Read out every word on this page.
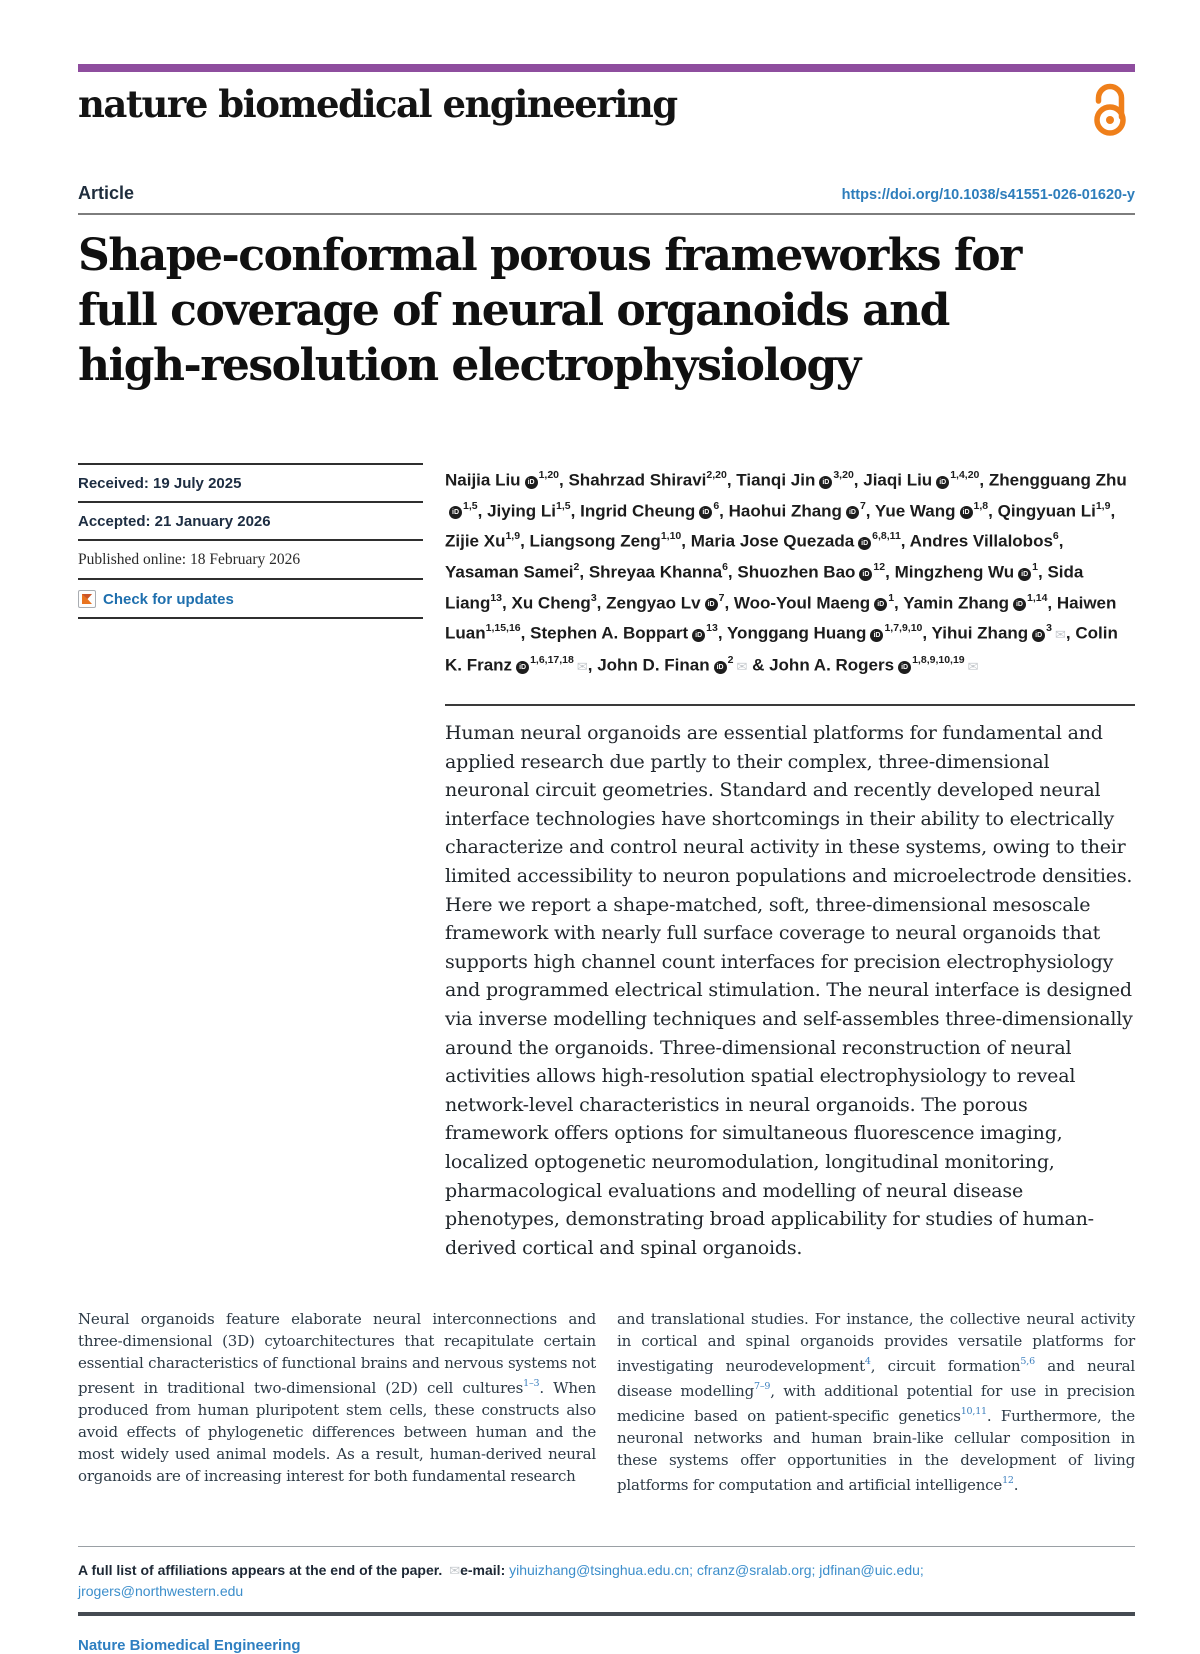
nature biomedical engineering
Article	https://doi.org/10.1038/s41551-026-01620-y
Shape-conformal porous frameworks for
full coverage of neural organoids and
high-resolution electrophysiology
Received: 19 July 2025
Accepted: 21 January 2026
Published online: 18 February 2026
Check for updates

Naijia Liu iD$^{1,20}$, Shahrzad Shiravi$^{2,20}$, Tianqi Jin iD$^{3,20}$, Jiaqi Liu iD$^{1,4,20}$, Zhengguang ZhuiD$^{1,5}$, Jiying Li$^{1,5}$, Ingrid Cheung $iD^6$, Haohui Zhang $iD^7$, Yue Wang iD$^{1,8}$, Qingyuan Li$^{1,9}$, Zijie Xu$^{1,9}$, Liangsong Zeng$^{1,10}$, Maria Jose Quezada iD$^{6,8,11}$, Andres Villalobos$^6$, Yasaman Samei$^2$, Shreyaa Khanna$^6$, Shuozhen Bao $iD^{12}$, Mingzheng Wu $iD^1$, Sida Liang$^{13}$, Xu Cheng$^3$, Zengyao Lv $iD^7$, Woo-Youl Maeng $iD^1$, Yamin Zhang iD$^{1,14}$, Haiwen Luan$^{1,15,16}$, Stephen A. Boppart $iD^{13}$, Yonggang Huang iD$^{1,7,9,10}$, Yihui Zhang $iD^3$ ✉, Colin K. Franz iD$^{1,6,17,18}$ ✉, John D. Finan $iD^2$ ✉ & John A. Rogers iD$^{1,8,9,10,19}$ ✉

Human neural organoids are essential platforms for fundamental and applied research due partly to their complex, three-dimensional neuronal circuit geometries. Standard and recently developed neural interface technologies have shortcomings in their ability to electrically characterize and control neural activity in these systems, owing to their limited accessibility to neuron populations and microelectrode densities. Here we report a shape-matched, soft, three-dimensional mesoscale framework with nearly full surface coverage to neural organoids that supports high channel count interfaces for precision electrophysiology and programmed electrical stimulation. The neural interface is designed via inverse modelling techniques and self-assembles three-dimensionally around the organoids. Three-dimensional reconstruction of neural activities allows high-resolution spatial electrophysiology to reveal network-level characteristics in neural organoids. The porous framework offers options for simultaneous fluorescence imaging, localized optogenetic neuromodulation, longitudinal monitoring, pharmacological evaluations and modelling of neural disease phenotypes, demonstrating broad applicability for studies of human-derived cortical and spinal organoids.

Neural organoids feature elaborate neural interconnections and three-dimensional (3D) cytoarchitectures that recapitulate certain essential characteristics of functional brains and nervous systems not present in traditional two-dimensional (2D) cell cultures$^{1-3}$. When produced from human pluripotent stem cells, these constructs also avoid effects of phylogenetic differences between human and the most widely used animal models. As a result, human-derived neural organoids are of increasing interest for both fundamental research
and translational studies. For instance, the collective neural activity in cortical and spinal organoids provides versatile platforms for investigating neurodevelopment$^4$, circuit formation$^{5,6}$ and neural disease modelling$^{7-9}$, with additional potential for use in precision medicine based on patient-specific genetics$^{10,11}$. Furthermore, the neuronal networks and human brain-like cellular composition in these systems offer opportunities in the development of living platforms for computation and artificial intelligence$^{12}$.
A full list of affiliations appears at the end of the paper. ✉e-mail: yihuizhang@tsinghua.edu.cn; cfranz@sralab.org; jdfinan@uic.edu;
jrogers@northwestern.edu
Nature Biomedical Engineering
